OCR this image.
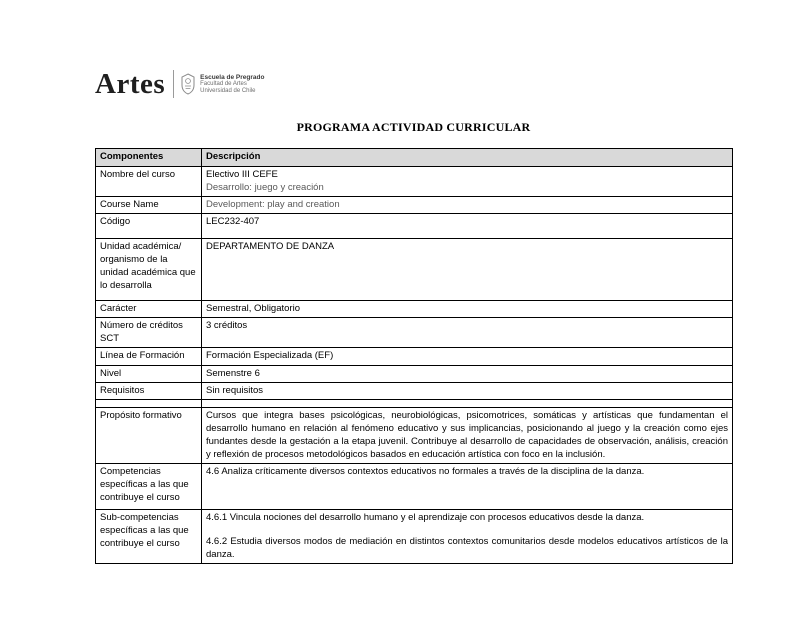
Artes	Escuela de Pregrado
Facultad de Artes
Universidad de Chile
PROGRAMA ACTIVIDAD CURRICULAR
Componentes	Descripción
Nombre del curso	Electivo III CEFE
Desarrollo: juego y creación

Course Name	Development: play and creation
Código	LEC232-407
Unidad académica/ organismo de la unidad académica que lo desarrolla	DEPARTAMENTO DE DANZA
Carácter	Semestral, Obligatorio
Número de créditos SCT	3 créditos
Línea de Formación	Formación Especializada (EF)
Nivel	Semenstre 6
Requisitos	Sin requisitos

Propósito formativo	Cursos que integra bases psicológicas, neurobiológicas, psicomotrices, somáticas y artísticas que fundamentan el desarrollo humano en relación al fenómeno educativo y sus implicancias, posicionando al juego y la creación como ejes fundantes desde la gestación a la etapa juvenil. Contribuye al desarrollo de capacidades de observación, análisis, creación y reflexión de procesos metodológicos basados en educación artística con foco en la inclusión.
Competencias específicas a las que contribuye el curso	4.6 Analiza críticamente diversos contextos educativos no formales a través de la disciplina de la danza.
Sub-competencias específicas a las que contribuye el curso	4.6.1 Vincula nociones del desarrollo humano y el aprendizaje con procesos educativos desde la danza.
4.6.2 Estudia diversos modos de mediación en distintos contextos comunitarios desde modelos educativos artísticos de la danza.
